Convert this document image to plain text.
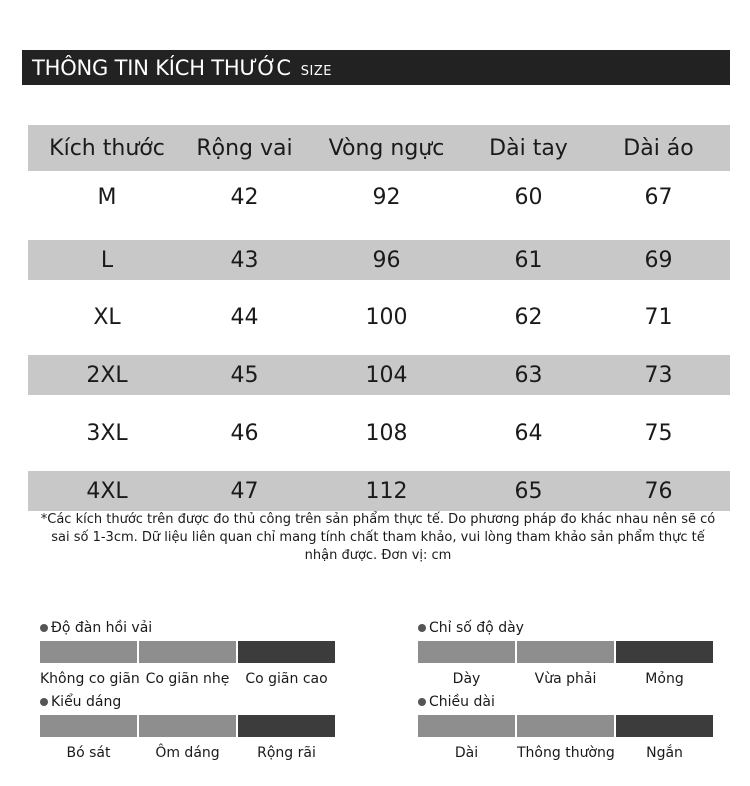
THÔNG TIN KÍCH THƯỚC SIZE
Kích thước	Rộng vai	Vòng ngực	Dài tay	Dài áo
M	42	92	60	67
L	43	96	61	69
XL	44	100	62	71
2XL	45	104	63	73
3XL	46	108	64	75
4XL	47	112	65	76
*Các kích thước trên được đo thủ công trên sản phẩm thực tế. Do phương pháp đo khác nhau nên sẽ có sai số 1-3cm. Dữ liệu liên quan chỉ mang tính chất tham khảo, vui lòng tham khảo sản phẩm thực tế nhận được. Đơn vị: cm
Độ đàn hồi vải
Không co giãn Co giãn nhẹ	Co giãn cao
Chỉ số độ dày
Dày	Vừa phải	Mỏng
Kiểu dáng
Bó sát	Ôm dáng	Rộng rãi
Chiều dài
Dài	Thông thường	Ngắn
